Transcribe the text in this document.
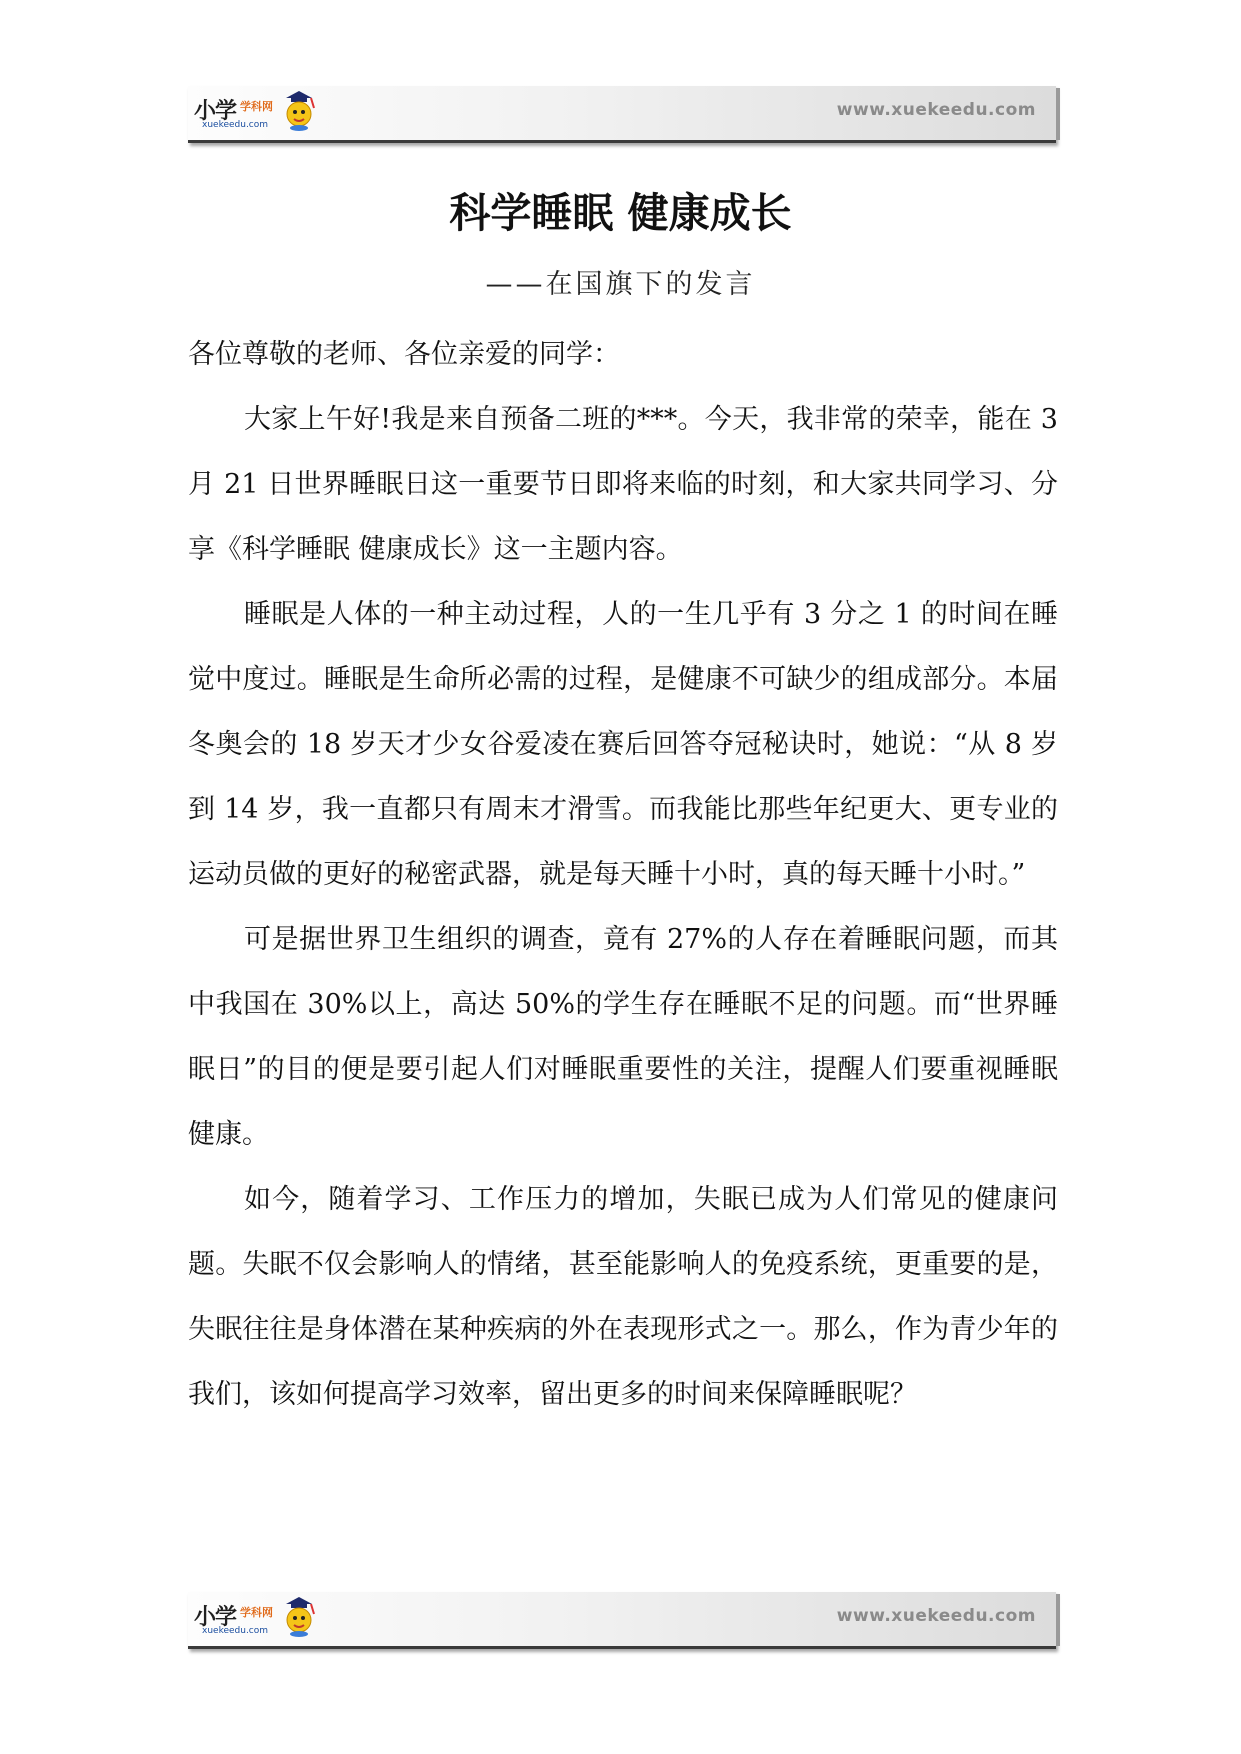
小学 学科网
xuekeedu.com
www.xuekeedu.com
科学睡眠 健康成长
——在国旗下的发言

各位尊敬的老师、各位亲爱的同学：

大家上午好!我是来自预备二班的***。今天，我非常的荣幸，能在 3 月 21 日世界睡眠日这一重要节日即将来临的时刻，和大家共同学习、分享《科学睡眠 健康成长》这一主题内容。

睡眠是人体的一种主动过程，人的一生几乎有 3 分之 1 的时间在睡觉中度过。睡眠是生命所必需的过程，是健康不可缺少的组成部分。本届冬奥会的 18 岁天才少女谷爱凌在赛后回答夺冠秘诀时，她说：“从 8 岁到 14 岁，我一直都只有周末才滑雪。而我能比那些年纪更大、更专业的运动员做的更好的秘密武器，就是每天睡十小时，真的每天睡十小时。”

可是据世界卫生组织的调查，竟有 27%的人存在着睡眠问题，而其中我国在 30%以上，高达 50%的学生存在睡眠不足的问题。而“世界睡眠日”的目的便是要引起人们对睡眠重要性的关注，提醒人们要重视睡眠健康。

如今，随着学习、工作压力的增加，失眠已成为人们常见的健康问题。失眠不仅会影响人的情绪，甚至能影响人的免疫系统，更重要的是，失眠往往是身体潜在某种疾病的外在表现形式之一。那么，作为青少年的我们，该如何提高学习效率，留出更多的时间来保障睡眠呢？

小学 学科网
xuekeedu.com
www.xuekeedu.com
